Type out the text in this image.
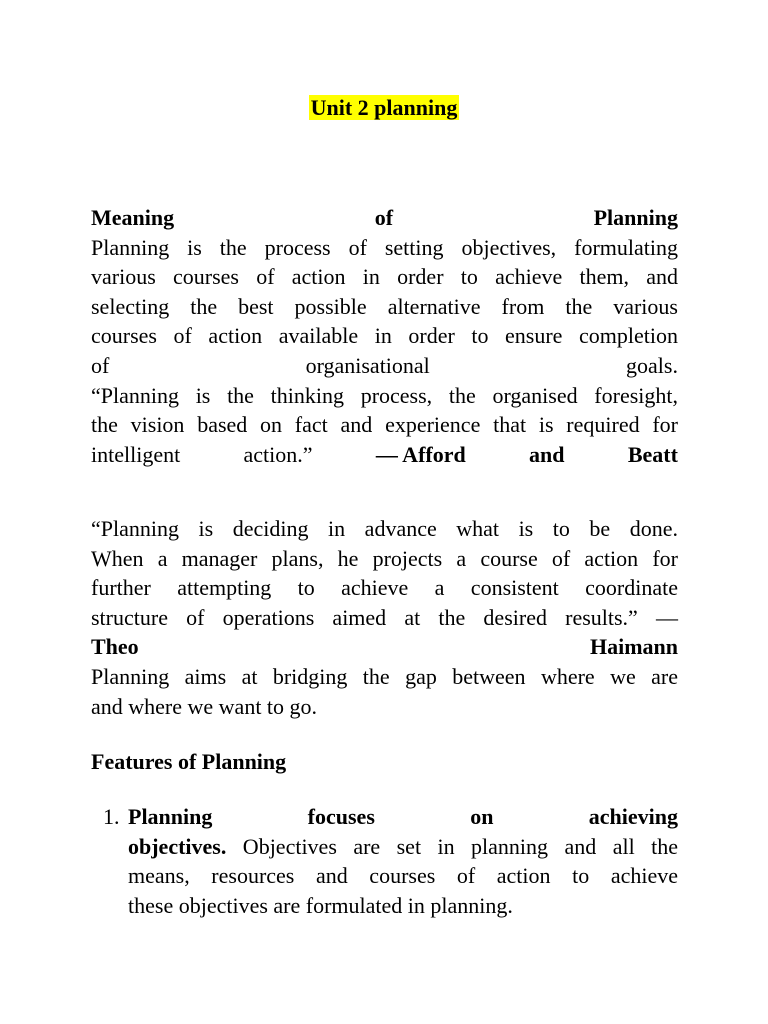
Unit 2 planning
Meaning	of	Planning
Planning is the process of setting objectives, formulating
various courses of action in order to achieve them, and
selecting the best possible alternative from the various
courses of action available in order to ensure completion
of	organisational	goals.
“Planning is the thinking process, the organised foresight,
the vision based on fact and experience that is required for
intelligent	action.”	— Afford	and	Beatt
“Planning is deciding in advance what is to be done.
When a manager plans, he projects a course of action for
further attempting to achieve a consistent coordinate
structure of operations aimed at the desired results.” —
Theo	Haimann
Planning aims at bridging the gap between where we are
and where we want to go.
Features of Planning
1. Planning	focuses	on	achieving
objectives. Objectives are set in planning and all the
means, resources and courses of action to achieve
these objectives are formulated in planning.
